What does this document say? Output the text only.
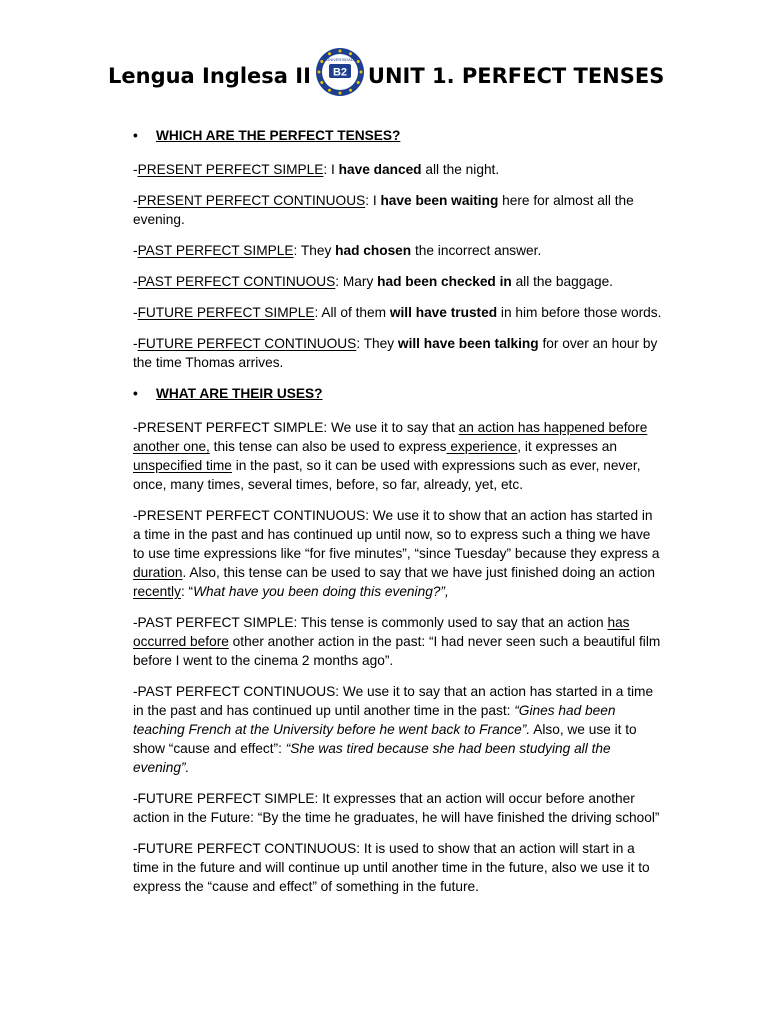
Lengua Inglesa II B2
UNIVERSIDAD
UNIT 1. PERFECT TENSES
•	WHICH ARE THE PERFECT TENSES?

-PRESENT PERFECT SIMPLE: I have danced all the night.

-PRESENT PERFECT CONTINUOUS: I have been waiting here for almost all the evening.

-PAST PERFECT SIMPLE: They had chosen the incorrect answer.

-PAST PERFECT CONTINUOUS: Mary had been checked in all the baggage.

-FUTURE PERFECT SIMPLE: All of them will have trusted in him before those words.

-FUTURE PERFECT CONTINUOUS: They will have been talking for over an hour by the time Thomas arrives.

•	WHAT ARE THEIR USES?

-PRESENT PERFECT SIMPLE: We use it to say that an action has happened before another one, this tense can also be used to express experience, it expresses an unspecified time in the past, so it can be used with expressions such as ever, never, once, many times, several times, before, so far, already, yet, etc.

-PRESENT PERFECT CONTINUOUS: We use it to show that an action has started in a time in the past and has continued up until now, so to express such a thing we have to use time expressions like “for five minutes”, “since Tuesday” because they express a duration. Also, this tense can be used to say that we have just finished doing an action recently: “What have you been doing this evening?”,

-PAST PERFECT SIMPLE: This tense is commonly used to say that an action has occurred before other another action in the past: “I had never seen such a beautiful film before I went to the cinema 2 months ago”.

-PAST PERFECT CONTINUOUS: We use it to say that an action has started in a time in the past and has continued up until another time in the past: “Gines had been teaching French at the University before he went back to France”. Also, we use it to show “cause and effect”: “She was tired because she had been studying all the evening”.

-FUTURE PERFECT SIMPLE: It expresses that an action will occur before another action in the Future: “By the time he graduates, he will have finished the driving school”

-FUTURE PERFECT CONTINUOUS: It is used to show that an action will start in a time in the future and will continue up until another time in the future, also we use it to express the “cause and effect” of something in the future.
